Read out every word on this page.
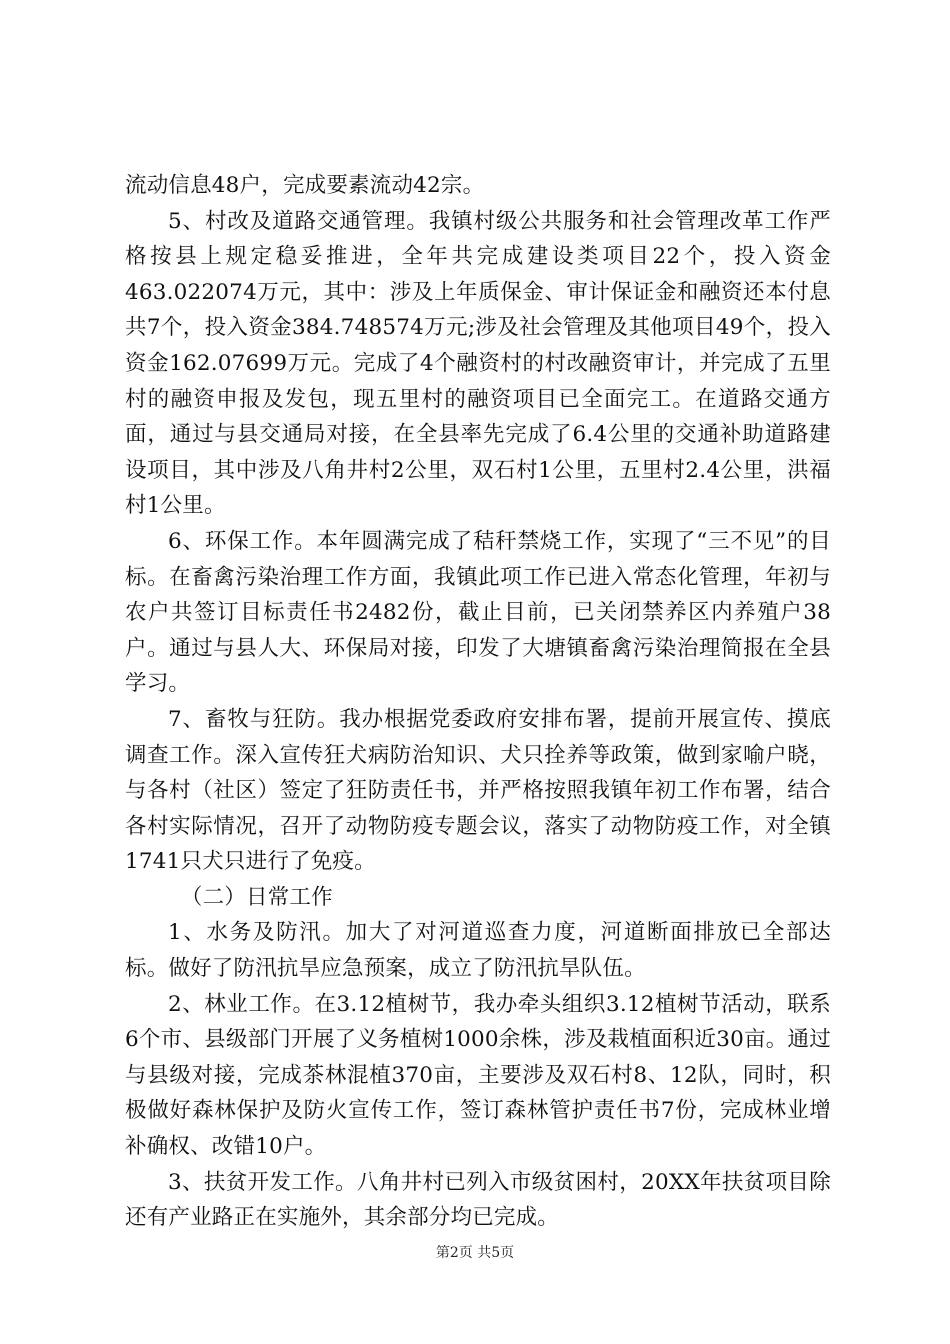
流动信息48户，完成要素流动42宗。

5、村改及道路交通管理。我镇村级公共服务和社会管理改革工作严格按县上规定稳妥推进，全年共完成建设类项目22个，投入资金463.022074万元，其中：涉及上年质保金、审计保证金和融资还本付息共7个，投入资金384.748574万元;涉及社会管理及其他项目49个，投入资金162.07699万元。完成了4个融资村的村改融资审计，并完成了五里村的融资申报及发包，现五里村的融资项目已全面完工。在道路交通方面，通过与县交通局对接，在全县率先完成了6.4公里的交通补助道路建设项目，其中涉及八角井村2公里，双石村1公里，五里村2.4公里，洪福村1公里。

6、环保工作。本年圆满完成了秸秆禁烧工作，实现了“三不见”的目标。在畜禽污染治理工作方面，我镇此项工作已进入常态化管理，年初与农户共签订目标责任书2482份，截止目前，已关闭禁养区内养殖户38户。通过与县人大、环保局对接，印发了大塘镇畜禽污染治理简报在全县学习。

7、畜牧与狂防。我办根据党委政府安排布署，提前开展宣传、摸底调查工作。深入宣传狂犬病防治知识、犬只拴养等政策，做到家喻户晓，与各村（社区）签定了狂防责任书，并严格按照我镇年初工作布署，结合各村实际情况，召开了动物防疫专题会议，落实了动物防疫工作，对全镇1741只犬只进行了免疫。

（二）日常工作

1、水务及防汛。加大了对河道巡查力度，河道断面排放已全部达标。做好了防汛抗旱应急预案，成立了防汛抗旱队伍。

2、林业工作。在3.12植树节，我办牵头组织3.12植树节活动，联系6个市、县级部门开展了义务植树1000余株，涉及栽植面积近30亩。通过与县级对接，完成茶林混植370亩，主要涉及双石村8、12队，同时，积极做好森林保护及防火宣传工作，签订森林管护责任书7份，完成林业增补确权、改错10户。

3、扶贫开发工作。八角井村已列入市级贫困村，20XX年扶贫项目除还有产业路正在实施外，其余部分均已完成。

第2页 共5页
